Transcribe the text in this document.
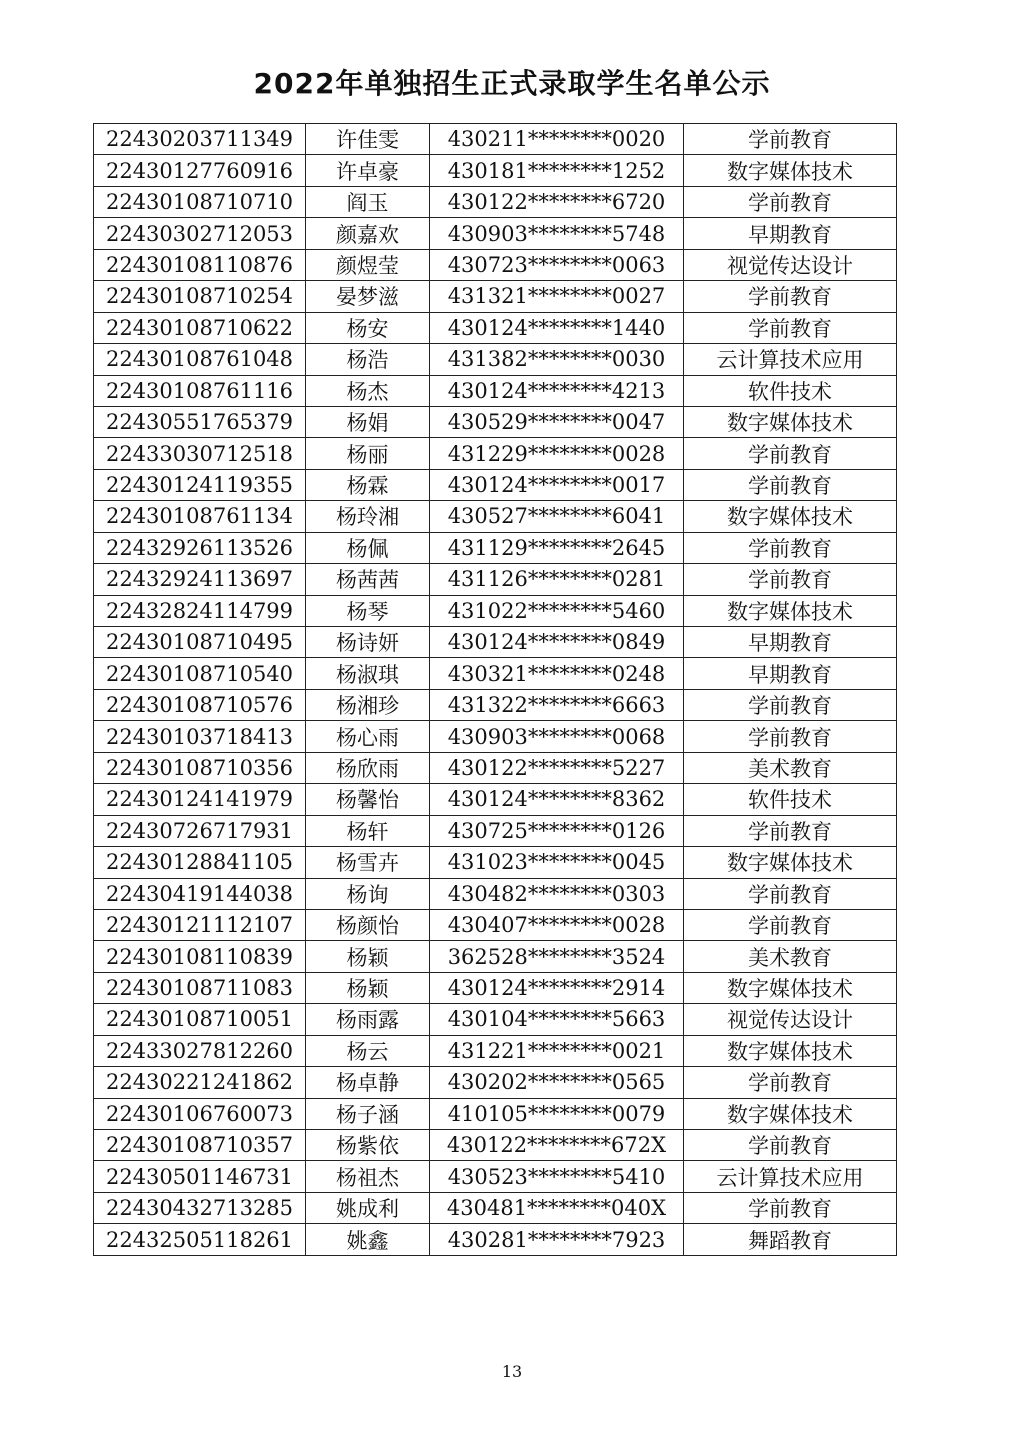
2022年单独招生正式录取学生名单公示
22430203711349	许佳雯	430211********0020	学前教育
22430127760916	许卓豪	430181********1252	数字媒体技术
22430108710710	阎玉	430122********6720	学前教育
22430302712053	颜嘉欢	430903********5748	早期教育
22430108110876	颜煜莹	430723********0063	视觉传达设计
22430108710254	晏梦滋	431321********0027	学前教育
22430108710622	杨安	430124********1440	学前教育
22430108761048	杨浩	431382********0030	云计算技术应用
22430108761116	杨杰	430124********4213	软件技术
22430551765379	杨娟	430529********0047	数字媒体技术
22433030712518	杨丽	431229********0028	学前教育
22430124119355	杨霖	430124********0017	学前教育
22430108761134	杨玲湘	430527********6041	数字媒体技术
22432926113526	杨佩	431129********2645	学前教育
22432924113697	杨茜茜	431126********0281	学前教育
22432824114799	杨琴	431022********5460	数字媒体技术
22430108710495	杨诗妍	430124********0849	早期教育
22430108710540	杨淑琪	430321********0248	早期教育
22430108710576	杨湘珍	431322********6663	学前教育
22430103718413	杨心雨	430903********0068	学前教育
22430108710356	杨欣雨	430122********5227	美术教育
22430124141979	杨馨怡	430124********8362	软件技术
22430726717931	杨轩	430725********0126	学前教育
22430128841105	杨雪卉	431023********0045	数字媒体技术
22430419144038	杨询	430482********0303	学前教育
22430121112107	杨颜怡	430407********0028	学前教育
22430108110839	杨颖	362528********3524	美术教育
22430108711083	杨颖	430124********2914	数字媒体技术
22430108710051	杨雨露	430104********5663	视觉传达设计
22433027812260	杨云	431221********0021	数字媒体技术
22430221241862	杨卓静	430202********0565	学前教育
22430106760073	杨子涵	410105********0079	数字媒体技术
22430108710357	杨紫依	430122********672X	学前教育
22430501146731	杨祖杰	430523********5410	云计算技术应用
22430432713285	姚成利	430481********040X	学前教育
22432505118261	姚鑫	430281********7923	舞蹈教育
13
